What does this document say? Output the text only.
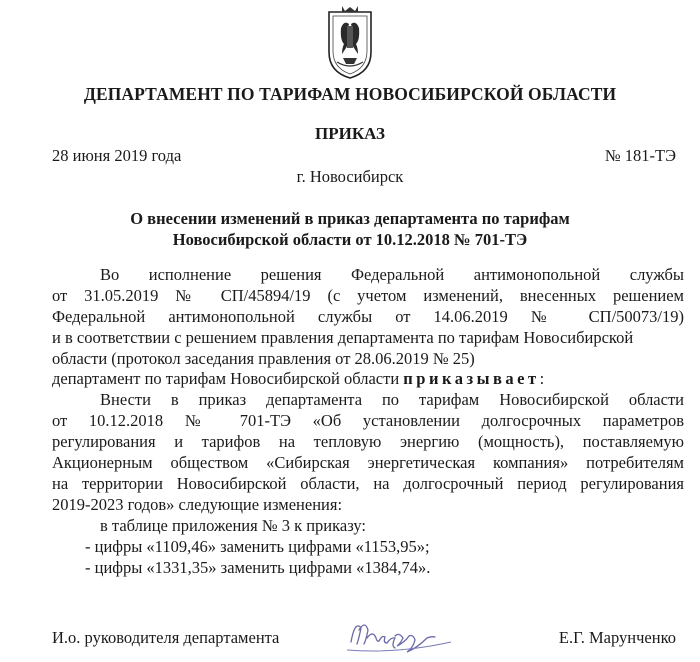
ДЕПАРТАМЕНТ ПО ТАРИФАМ НОВОСИБИРСКОЙ ОБЛАСТИ
ПРИКАЗ
28 июня 2019 года	№ 181-ТЭ
г. Новосибирск
О внесении изменений в приказ департамента по тарифам
Новосибирской области от 10.12.2018 № 701-ТЭ
Во исполнение решения Федеральной антимонопольной службы
от 31.05.2019 № СП/45894/19 (с учетом изменений, внесенных решением
Федеральной антимонопольной службы от 14.06.2019 № СП/50073/19)
и в соответствии с решением правления департамента по тарифам Новосибирской
области (протокол заседания правления от 28.06.2019 № 25)
департамент по тарифам Новосибирской области приказывает:
Внести в приказ департамента по тарифам Новосибирской области
от 10.12.2018 № 701-ТЭ «Об установлении долгосрочных параметров
регулирования и тарифов на тепловую энергию (мощность), поставляемую
Акционерным обществом «Сибирская энергетическая компания» потребителям
на территории Новосибирской области, на долгосрочный период регулирования
2019-2023 годов» следующие изменения:
в таблице приложения № 3 к приказу:
- цифры «1109,46» заменить цифрами «1153,95»;
- цифры «1331,35» заменить цифрами «1384,74».
И.о. руководителя департамента	Е.Г. Марунченко
